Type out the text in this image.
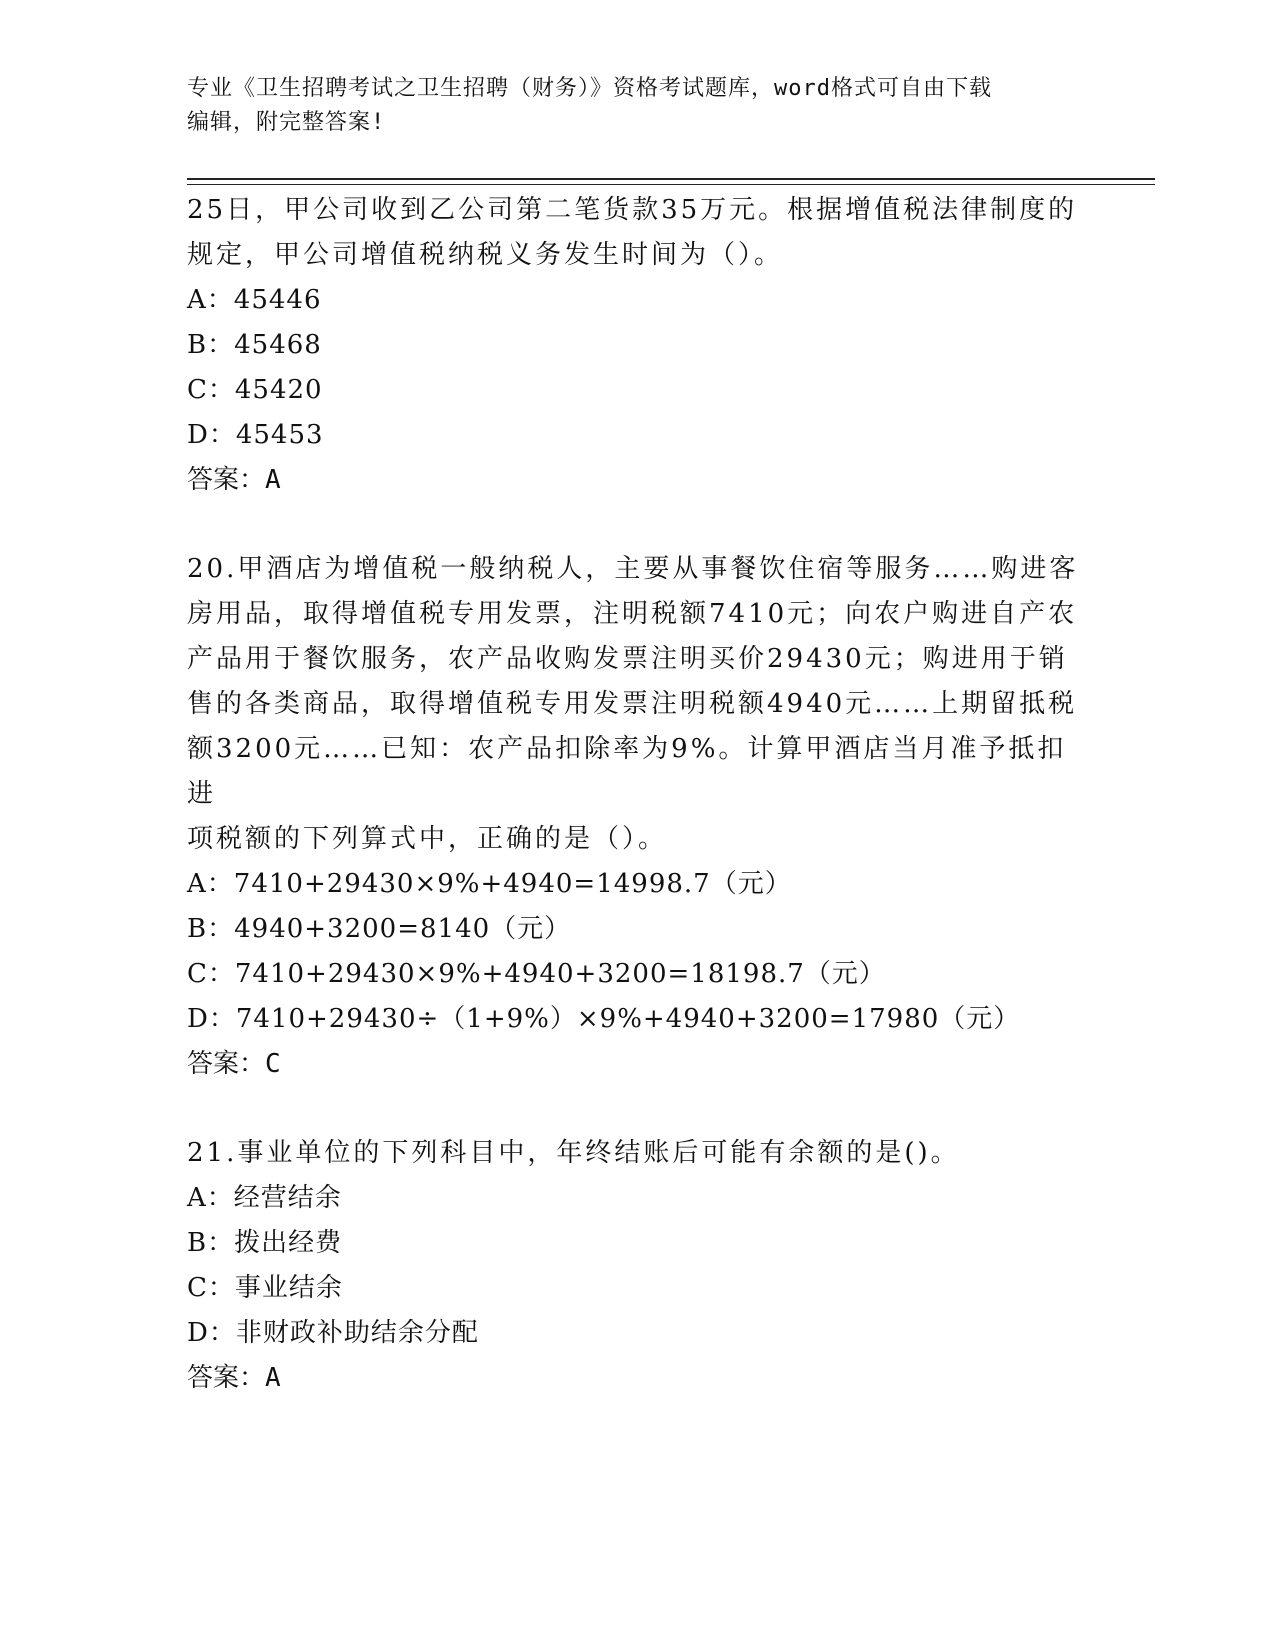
专业《卫生招聘考试之卫生招聘（财务）》资格考试题库，word格式可自由下载
编辑，附完整答案!
25日，甲公司收到乙公司第二笔货款35万元。根据增值税法律制度的
规定，甲公司增值税纳税义务发生时间为（）。
A：45446
B：45468
C：45420
D：45453
答案：A
20.甲酒店为增值税一般纳税人，主要从事餐饮住宿等服务……购进客
房用品，取得增值税专用发票，注明税额7410元；向农户购进自产农
产品用于餐饮服务，农产品收购发票注明买价29430元；购进用于销
售的各类商品，取得增值税专用发票注明税额4940元……上期留抵税
额3200元……已知：农产品扣除率为9%。计算甲酒店当月准予抵扣进
项税额的下列算式中，正确的是（）。
A：7410+29430×9%+4940=14998.7（元）
B：4940+3200=8140（元）
C：7410+29430×9%+4940+3200=18198.7（元）
D：7410+29430÷（1+9%）×9%+4940+3200=17980（元）
答案：C
21.事业单位的下列科目中，年终结账后可能有余额的是()。
A：经营结余
B：拨出经费
C：事业结余
D：非财政补助结余分配
答案：A
